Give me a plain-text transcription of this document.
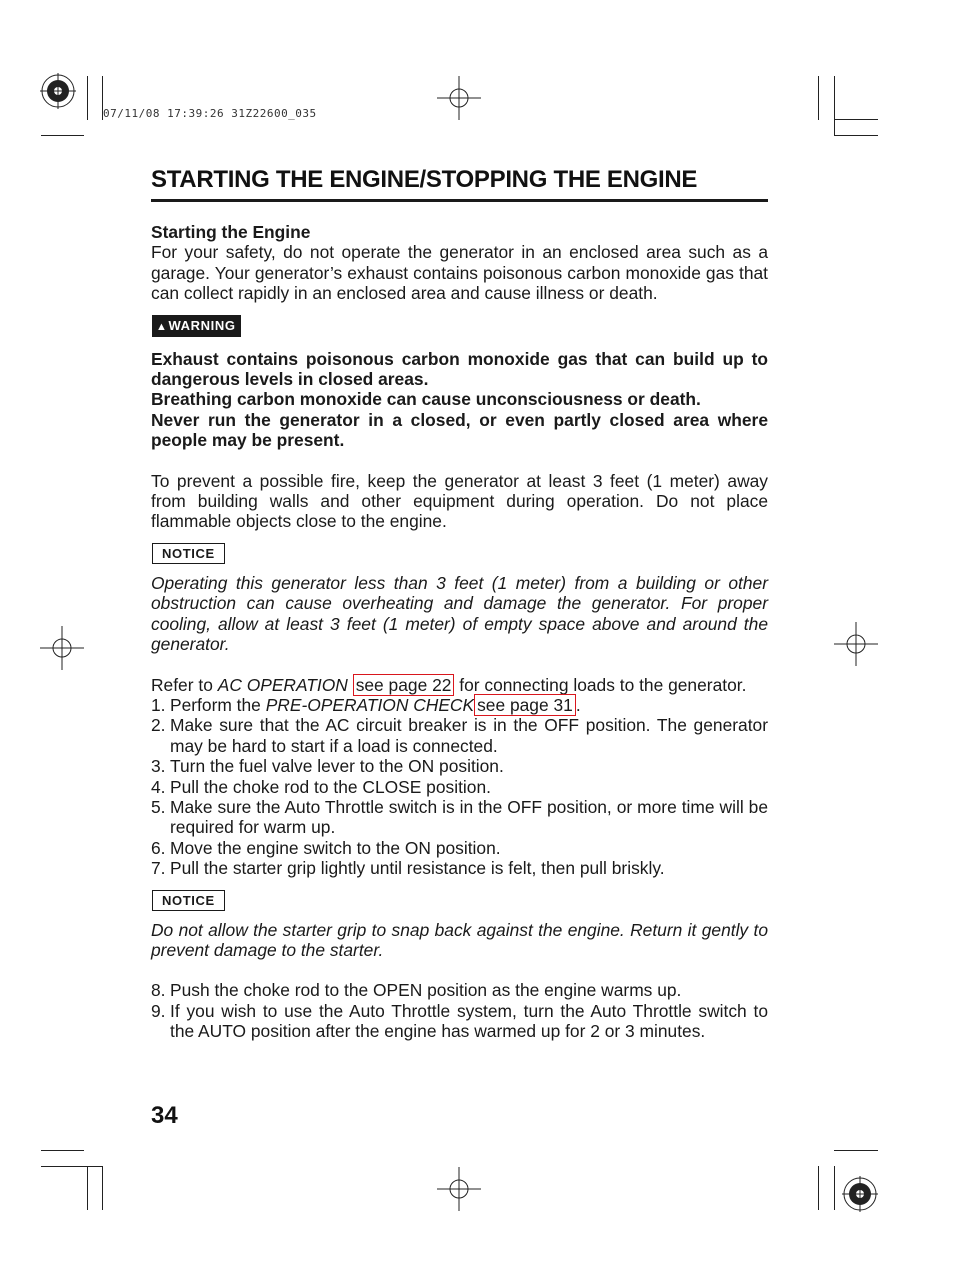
07/11/08 17:39:26 31Z22600_035
STARTING THE ENGINE/STOPPING THE ENGINE

Starting the Engine

For your safety, do not operate the generator in an enclosed area such as a garage. Your generator’s exhaust contains poisonous carbon monoxide gas that can collect rapidly in an enclosed area and cause illness or death.

▲WARNING

Exhaust contains poisonous carbon monoxide gas that can build up to dangerous levels in closed areas.

Breathing carbon monoxide can cause unconsciousness or death.

Never run the generator in a closed, or even partly closed area where people may be present.

To prevent a possible fire, keep the generator at least 3 feet (1 meter) away from building walls and other equipment during operation. Do not place flammable objects close to the engine.

NOTICE

Operating this generator less than 3 feet (1 meter) from a building or other obstruction can cause overheating and damage the generator. For proper cooling, allow at least 3 feet (1 meter) of empty space above and around the generator.

Refer to AC OPERATION see page 22 for connecting loads to the generator.

1. Perform the PRE-OPERATION CHECK see page 31 .
2. Make sure that the AC circuit breaker is in the OFF position. The generator may be hard to start if a load is connected.
3. Turn the fuel valve lever to the ON position.
4. Pull the choke rod to the CLOSE position.
5. Make sure the Auto Throttle switch is in the OFF position, or more time will be required for warm up.
6. Move the engine switch to the ON position.
7. Pull the starter grip lightly until resistance is felt, then pull briskly.
NOTICE

Do not allow the starter grip to snap back against the engine. Return it gently to prevent damage to the starter.

8. Push the choke rod to the OPEN position as the engine warms up.
9. If you wish to use the Auto Throttle system, turn the Auto Throttle switch to the AUTO position after the engine has warmed up for 2 or 3 minutes.
34
